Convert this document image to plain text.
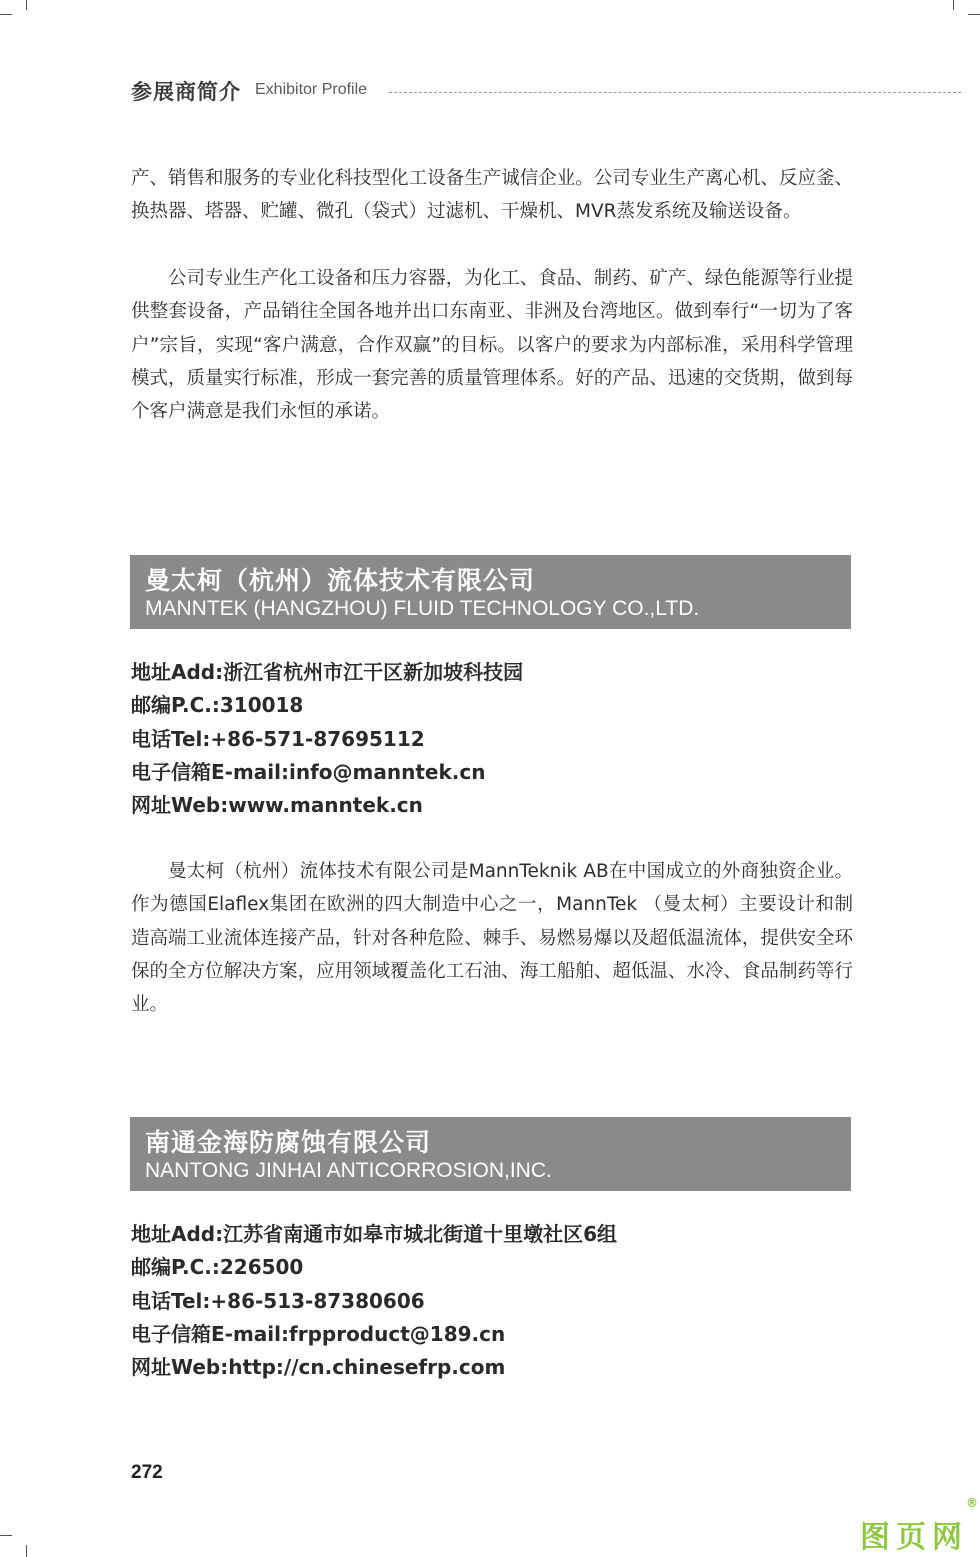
参展商简介 Exhibitor Profile

产、销售和服务的专业化科技型化工设备生产诚信企业。公司专业生产离心机、反应釜、换热器、塔器、贮罐、微孔（袋式）过滤机、干燥机、MVR蒸发系统及输送设备。

公司专业生产化工设备和压力容器，为化工、食品、制药、矿产、绿色能源等行业提供整套设备，产品销往全国各地并出口东南亚、非洲及台湾地区。做到奉行“一切为了客户”宗旨，实现“客户满意，合作双赢”的目标。以客户的要求为内部标准，采用科学管理模式，质量实行标准，形成一套完善的质量管理体系。好的产品、迅速的交货期，做到每个客户满意是我们永恒的承诺。

曼太柯（杭州）流体技术有限公司
MANNTEK (HANGZHOU) FLUID TECHNOLOGY CO.,LTD.
地址Add:浙江省杭州市江干区新加坡科技园
邮编P.C.:310018
电话Tel:+86-571-87695112
电子信箱E-mail:info@manntek.cn
网址Web:www.manntek.cn

曼太柯（杭州）流体技术有限公司是MannTeknik AB在中国成立的外商独资企业。作为德国Elaflex集团在欧洲的四大制造中心之一，MannTek （曼太柯）主要设计和制造高端工业流体连接产品，针对各种危险、棘手、易燃易爆以及超低温流体，提供安全环保的全方位解决方案，应用领域覆盖化工石油、海工船舶、超低温、水冷、食品制药等行业。

南通金海防腐蚀有限公司
NANTONG JINHAI ANTICORROSION,INC.
地址Add:江苏省南通市如皋市城北街道十里墩社区6组
邮编P.C.:226500
电话Tel:+86-513-87380606
电子信箱E-mail:frpproduct@189.cn
网址Web:http://cn.chinesefrp.com
272
图页网
®
